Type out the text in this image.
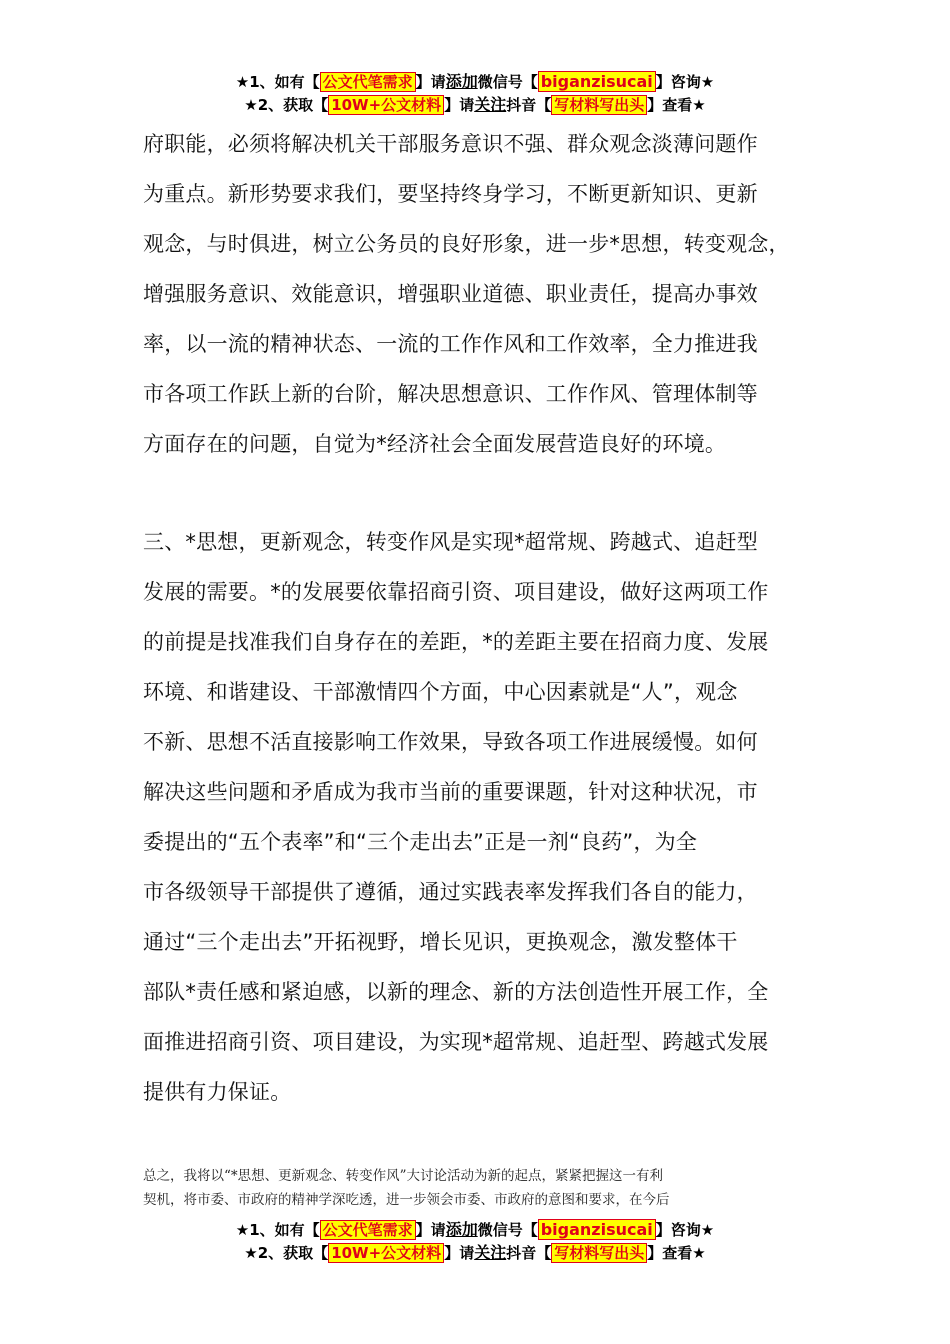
★1、如有【 公文代笔需求 】请添加微信号【 biganzisucai 】咨询★
★2、获取【 10W+公文材料 】请关注抖音【 写材料写出头 】查看★

府职能，必须将解决机关干部服务意识不强、群众观念淡薄问题作

为重点。新形势要求我们，要坚持终身学习，不断更新知识、更新

观念，与时俱进，树立公务员的良好形象，进一步*思想，转变观念，

增强服务意识、效能意识，增强职业道德、职业责任，提高办事效

率，以一流的精神状态、一流的工作作风和工作效率，全力推进我

市各项工作跃上新的台阶，解决思想意识、工作作风、管理体制等

方面存在的问题，自觉为*经济社会全面发展营造良好的环境。

三、*思想，更新观念，转变作风是实现*超常规、跨越式、追赶型

发展的需要。*的发展要依靠招商引资、项目建设，做好这两项工作

的前提是找准我们自身存在的差距，*的差距主要在招商力度、发展

环境、和谐建设、干部激情四个方面，中心因素就是“人”，观念

不新、思想不活直接影响工作效果，导致各项工作进展缓慢。如何

解决这些问题和矛盾成为我市当前的重要课题，针对这种状况，市

委提出的“五个表率”和“三个走出去”正是一剂“良药”，为全

市各级领导干部提供了遵循，通过实践表率发挥我们各自的能力，

通过“三个走出去”开拓视野，增长见识，更换观念，激发整体干

部队*责任感和紧迫感，以新的理念、新的方法创造性开展工作，全

面推进招商引资、项目建设，为实现*超常规、追赶型、跨越式发展

提供有力保证。

总之，我将以“*思想、更新观念、转变作风”大讨论活动为新的起点，紧紧把握这一有利

契机，将市委、市政府的精神学深吃透，进一步领会市委、市政府的意图和要求，在今后

★1、如有【 公文代笔需求 】请添加微信号【 biganzisucai 】咨询★
★2、获取【 10W+公文材料 】请关注抖音【 写材料写出头 】查看★
